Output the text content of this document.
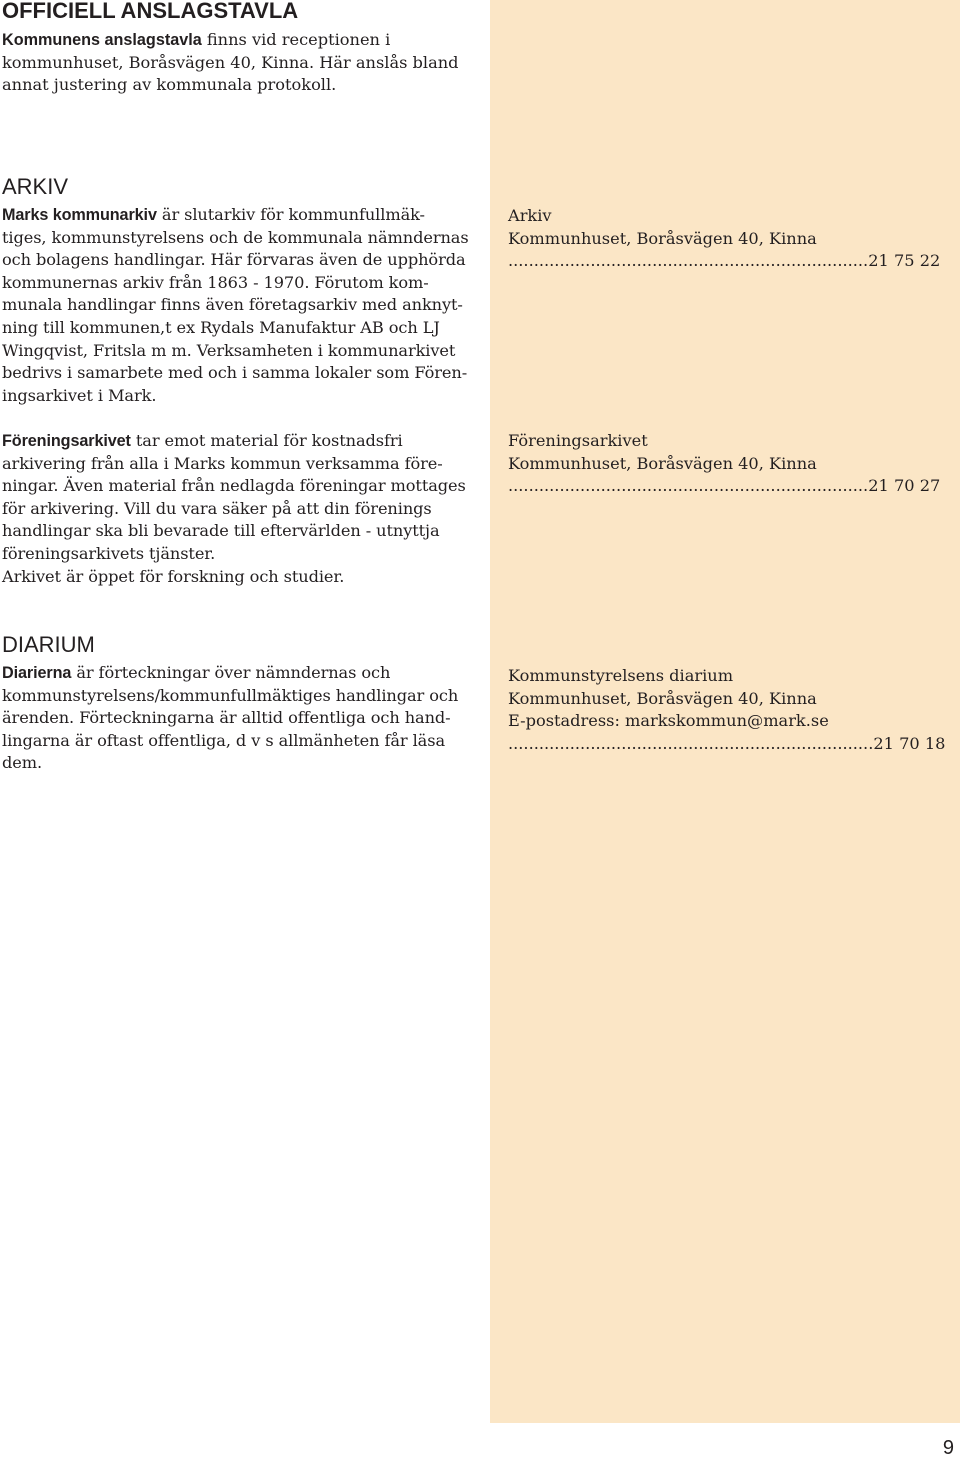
OFFICIELL ANSLAGSTAVLA
Kommunens anslagstavla finns vid receptionen i
kommunhuset, Boråsvägen 40, Kinna. Här anslås bland
annat justering av kommunala protokoll.
ARKIV
Marks kommunarkiv är slutarkiv för kommunfullmäk-
tiges, kommunstyrelsens och de kommunala nämndernas
och bolagens handlingar. Här förvaras även de upphörda
kommunernas arkiv från 1863 - 1970. Förutom kom-
munala handlingar finns även företagsarkiv med anknyt-
ning till kommunen,t ex Rydals Manufaktur AB och LJ
Wingqvist, Fritsla m m. Verksamheten i kommunarkivet
bedrivs i samarbete med och i samma lokaler som Fören-
ingsarkivet i Mark.
Arkiv
Kommunhuset, Boråsvägen 40, Kinna
......................................................................21 75 22
Föreningsarkivet tar emot material för kostnadsfri
arkivering från alla i Marks kommun verksamma före-
ningar. Även material från nedlagda föreningar mottages
för arkivering. Vill du vara säker på att din förenings
handlingar ska bli bevarade till eftervärlden - utnyttja
föreningsarkivets tjänster.
Arkivet är öppet för forskning och studier.
Föreningsarkivet
Kommunhuset, Boråsvägen 40, Kinna
......................................................................21 70 27
DIARIUM
Diarierna är förteckningar över nämndernas och
kommunstyrelsens/kommunfullmäktiges handlingar och
ärenden. Förteckningarna är alltid offentliga och hand-
lingarna är oftast offentliga, d v s allmänheten får läsa
dem.
Kommunstyrelsens diarium
Kommunhuset, Boråsvägen 40, Kinna
E-postadress: markskommun@mark.se
.......................................................................21 70 18
9
